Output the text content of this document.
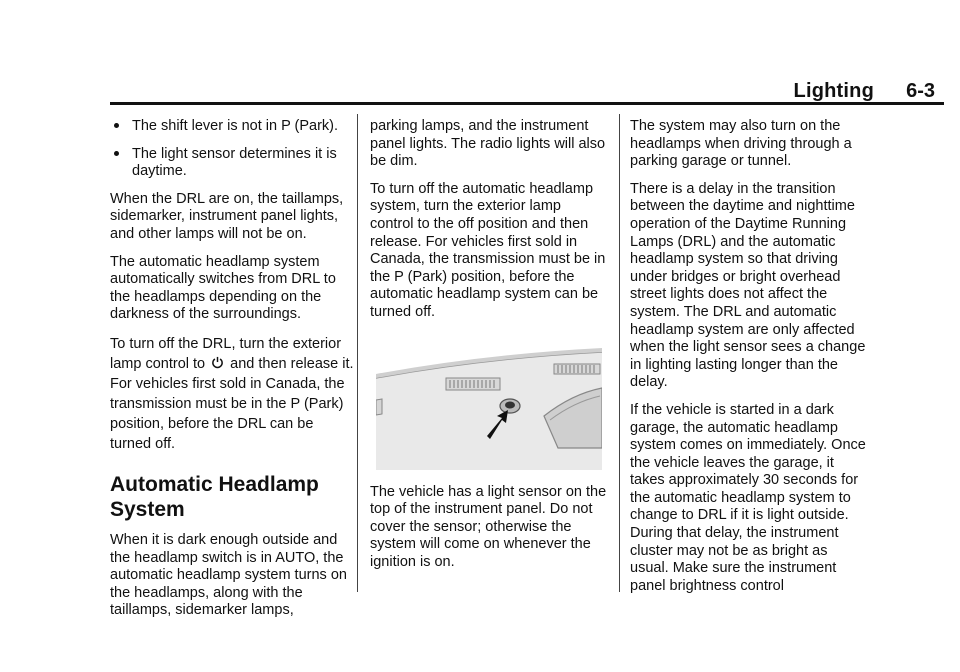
Lighting 6-3
The shift lever is not in P (Park).
The light sensor determines it is daytime.

When the DRL are on, the taillamps, sidemarker, instrument panel lights, and other lamps will not be on.

The automatic headlamp system automatically switches from DRL to the headlamps depending on the darkness of the surroundings.

To turn off the DRL, turn the exterior lamp control to and then release it. For vehicles first sold in Canada, the transmission must be in the P (Park) position, before the DRL can be turned off.

Automatic Headlamp System

When it is dark enough outside and the headlamp switch is in AUTO, the automatic headlamp system turns on the headlamps, along with the taillamps, sidemarker lamps,

parking lamps, and the instrument panel lights. The radio lights will also be dim.

To turn off the automatic headlamp system, turn the exterior lamp control to the off position and then release. For vehicles first sold in Canada, the transmission must be in the P (Park) position, before the automatic headlamp system can be turned off.

The vehicle has a light sensor on the top of the instrument panel. Do not cover the sensor; otherwise the system will come on whenever the ignition is on.

The system may also turn on the headlamps when driving through a parking garage or tunnel.

There is a delay in the transition between the daytime and nighttime operation of the Daytime Running Lamps (DRL) and the automatic headlamp system so that driving under bridges or bright overhead street lights does not affect the system. The DRL and automatic headlamp system are only affected when the light sensor sees a change in lighting lasting longer than the delay.

If the vehicle is started in a dark garage, the automatic headlamp system comes on immediately. Once the vehicle leaves the garage, it takes approximately 30 seconds for the automatic headlamp system to change to DRL if it is light outside. During that delay, the instrument cluster may not be as bright as usual. Make sure the instrument panel brightness control
